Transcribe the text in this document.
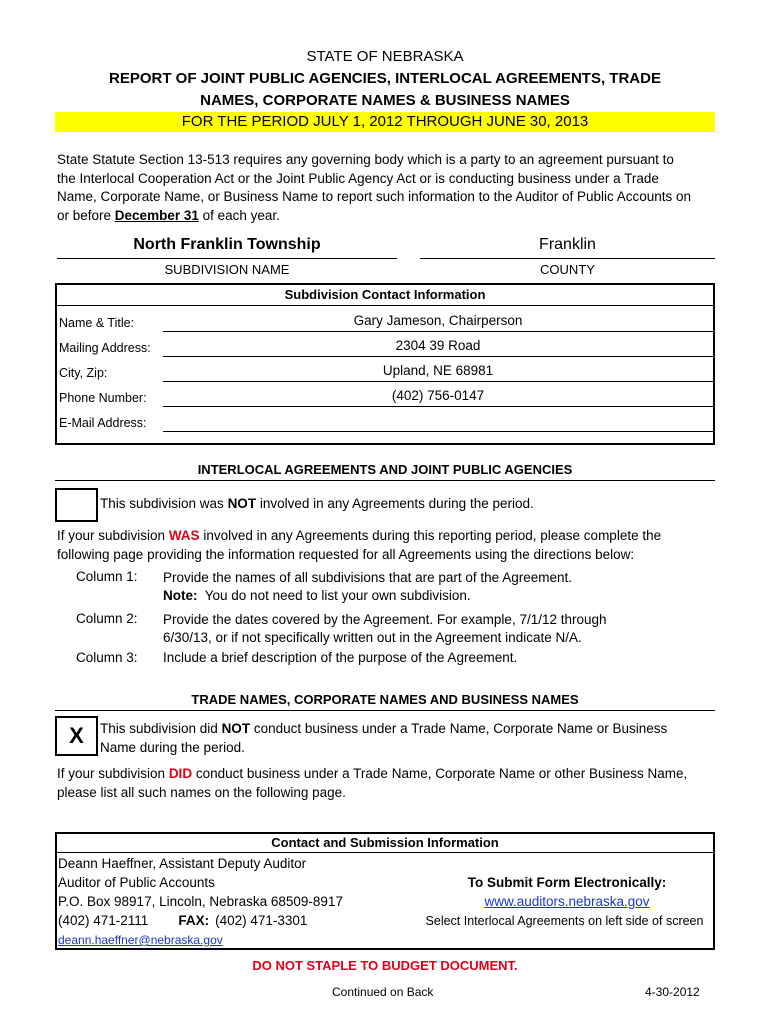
STATE OF NEBRASKA
REPORT OF JOINT PUBLIC AGENCIES, INTERLOCAL AGREEMENTS, TRADE
NAMES, CORPORATE NAMES & BUSINESS NAMES
FOR THE PERIOD JULY 1, 2012 THROUGH JUNE 30, 2013
State Statute Section 13-513 requires any governing body which is a party to an agreement pursuant to
the Interlocal Cooperation Act or the Joint Public Agency Act or is conducting business under a Trade
Name, Corporate Name, or Business Name to report such information to the Auditor of Public Accounts on
or before December 31 of each year.
North Franklin Township
SUBDIVISION NAME
Franklin
COUNTY
Subdivision Contact Information
Name & Title:	Gary Jameson, Chairperson
Mailing Address:	2304 39 Road
City, Zip:	Upland, NE 68981
Phone Number:	(402) 756-0147
E-Mail Address:
INTERLOCAL AGREEMENTS AND JOINT PUBLIC AGENCIES
This subdivision was NOT involved in any Agreements during the period.
If your subdivision WAS involved in any Agreements during this reporting period, please complete the
following page providing the information requested for all Agreements using the directions below:
Column 1: Provide the names of all subdivisions that are part of the Agreement.
Note:  You do not need to list your own subdivision.
Column 2: Provide the dates covered by the Agreement. For example, 7/1/12 through
6/30/13, or if not specifically written out in the Agreement indicate N/A.
Column 3: Include a brief description of the purpose of the Agreement.
TRADE NAMES, CORPORATE NAMES AND BUSINESS NAMES
X	This subdivision did NOT conduct business under a Trade Name, Corporate Name or Business
Name during the period.
If your subdivision DID conduct business under a Trade Name, Corporate Name or other Business Name,
please list all such names on the following page.
Contact and Submission Information
Deann Haeffner, Assistant Deputy Auditor
Auditor of Public Accounts
P.O. Box 98917, Lincoln, Nebraska 68509-8917
(402) 471-2111 FAX: (402) 471-3301
deann.haeffner@nebraska.gov
To Submit Form Electronically:
www.auditors.nebraska.gov
Select Interlocal Agreements on left side of screen
DO NOT STAPLE TO BUDGET DOCUMENT.
Continued on Back	4-30-2012
